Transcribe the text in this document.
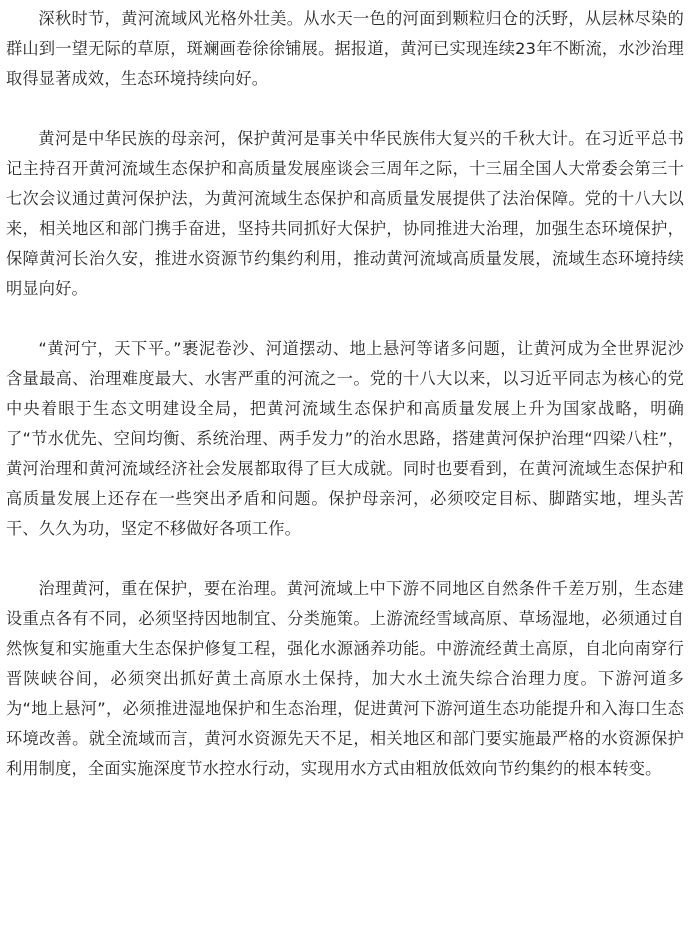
深秋时节，黄河流域风光格外壮美。从水天一色的河面到颗粒归仓的沃野，从层林尽染的群山到一望无际的草原，斑斓画卷徐徐铺展。据报道，黄河已实现连续23年不断流，水沙治理取得显著成效，生态环境持续向好。

黄河是中华民族的母亲河，保护黄河是事关中华民族伟大复兴的千秋大计。在习近平总书记主持召开黄河流域生态保护和高质量发展座谈会三周年之际，十三届全国人大常委会第三十七次会议通过黄河保护法，为黄河流域生态保护和高质量发展提供了法治保障。党的十八大以来，相关地区和部门携手奋进，坚持共同抓好大保护，协同推进大治理，加强生态环境保护，保障黄河长治久安，推进水资源节约集约利用，推动黄河流域高质量发展，流域生态环境持续明显向好。

“黄河宁，天下平。”裹泥卷沙、河道摆动、地上悬河等诸多问题，让黄河成为全世界泥沙含量最高、治理难度最大、水害严重的河流之一。党的十八大以来，以习近平同志为核心的党中央着眼于生态文明建设全局，把黄河流域生态保护和高质量发展上升为国家战略，明确了“节水优先、空间均衡、系统治理、两手发力”的治水思路，搭建黄河保护治理“四梁八柱”，黄河治理和黄河流域经济社会发展都取得了巨大成就。同时也要看到，在黄河流域生态保护和高质量发展上还存在一些突出矛盾和问题。保护母亲河，必须咬定目标、脚踏实地，埋头苦干、久久为功，坚定不移做好各项工作。

治理黄河，重在保护，要在治理。黄河流域上中下游不同地区自然条件千差万别，生态建设重点各有不同，必须坚持因地制宜、分类施策。上游流经雪域高原、草场湿地，必须通过自然恢复和实施重大生态保护修复工程，强化水源涵养功能。中游流经黄土高原，自北向南穿行晋陕峡谷间，必须突出抓好黄土高原水土保持，加大水土流失综合治理力度。下游河道多为“地上悬河”，必须推进湿地保护和生态治理，促进黄河下游河道生态功能提升和入海口生态环境改善。就全流域而言，黄河水资源先天不足，相关地区和部门要实施最严格的水资源保护利用制度，全面实施深度节水控水行动，实现用水方式由粗放低效向节约集约的根本转变。
